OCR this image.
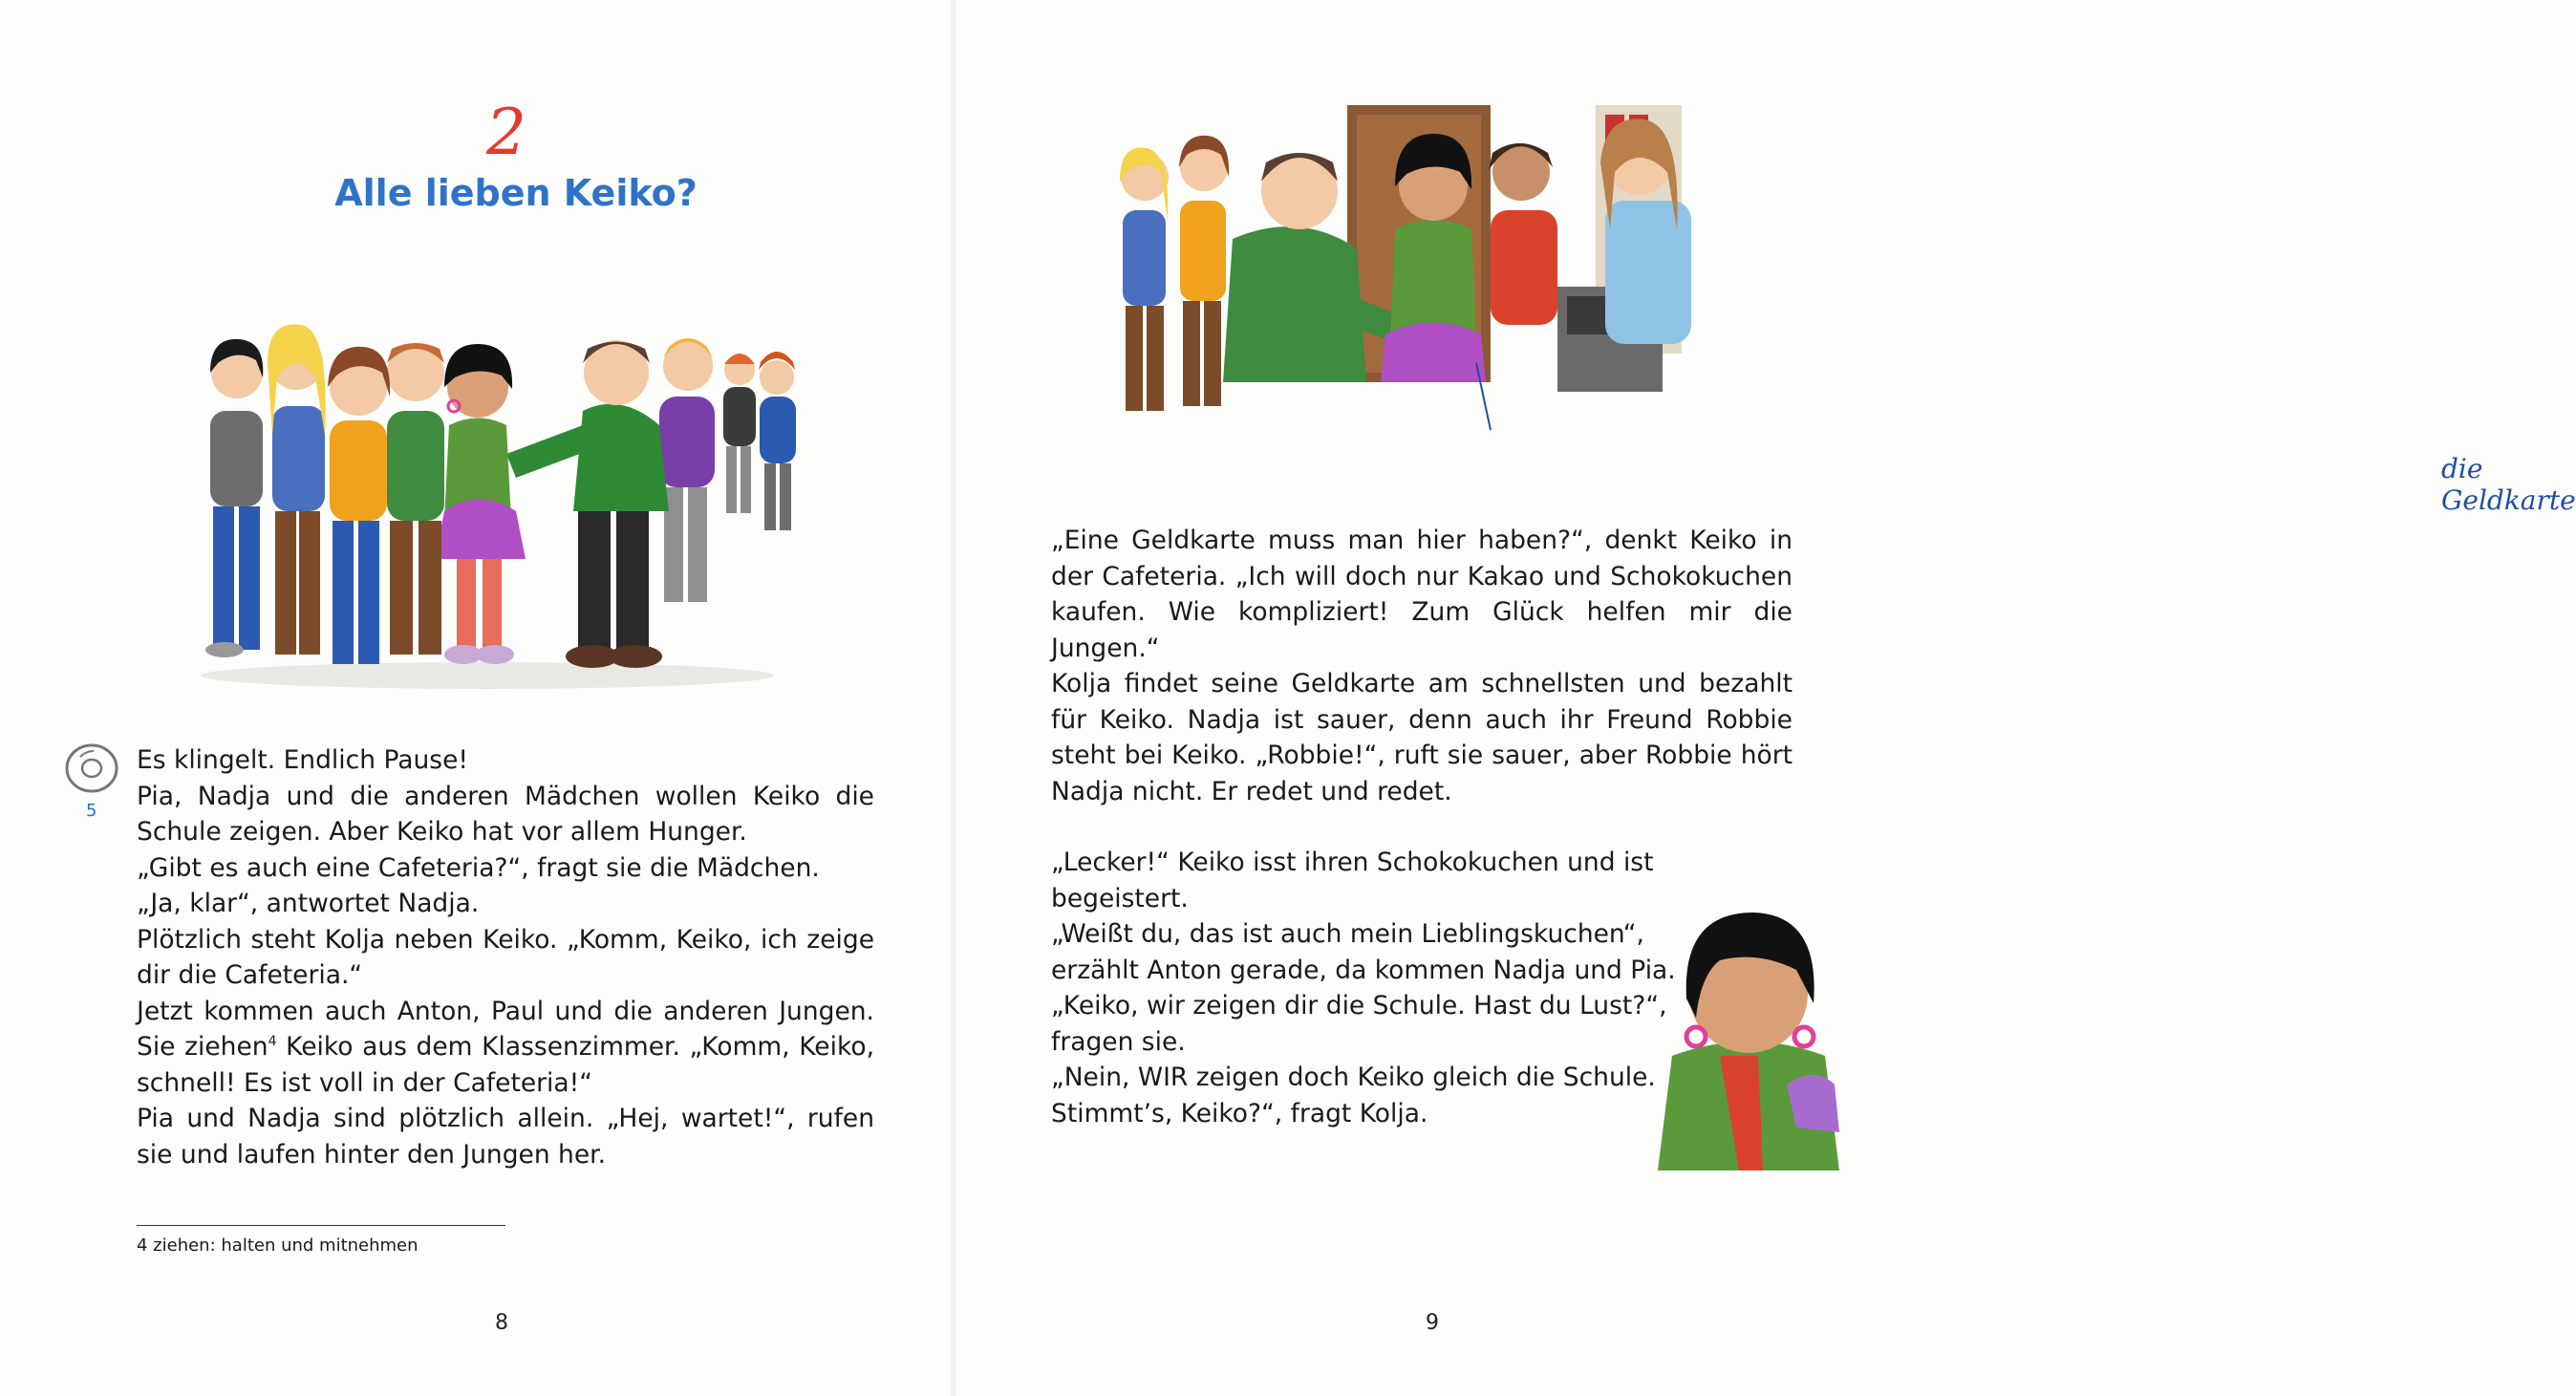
2
Alle lieben Keiko?
5

Es klingelt. Endlich Pause!

Pia, Nadja und die anderen Mädchen wollen Keiko die Schule zeigen. Aber Keiko hat vor allem Hunger.

„Gibt es auch eine Cafeteria?“, fragt sie die Mädchen.

„Ja, klar“, antwortet Nadja.

Plötzlich steht Kolja neben Keiko. „Komm, Keiko, ich zeige dir die Cafeteria.“

Jetzt kommen auch Anton, Paul und die anderen Jungen. Sie ziehen$^4$ Keiko aus dem Klassenzimmer. „Komm, Keiko, schnell! Es ist voll in der Cafeteria!“

Pia und Nadja sind plötzlich allein. „Hej, wartet!“, rufen sie und laufen hinter den Jungen her.

4 ziehen: halten und mitnehmen
8
die Geldkarte
„Eine Geldkarte muss man hier haben?“, denkt Keiko in der Cafeteria. „Ich will doch nur Kakao und Schokokuchen kaufen. Wie kompliziert! Zum Glück helfen mir die Jungen.“
Kolja findet seine Geldkarte am schnellsten und bezahlt für Keiko. Nadja ist sauer, denn auch ihr Freund Robbie steht bei Keiko. „Robbie!“, ruft sie sauer, aber Robbie hört Nadja nicht. Er redet und redet.

„Lecker!“ Keiko isst ihren Schokokuchen und ist begeistert.

„Weißt du, das ist auch mein Lieblingskuchen“,

erzählt Anton gerade, da kommen Nadja und Pia.

„Keiko, wir zeigen dir die Schule. Hast du Lust?“,

fragen sie.

„Nein, WIR zeigen doch Keiko gleich die Schule.

Stimmt’s, Keiko?“, fragt Kolja.

9
